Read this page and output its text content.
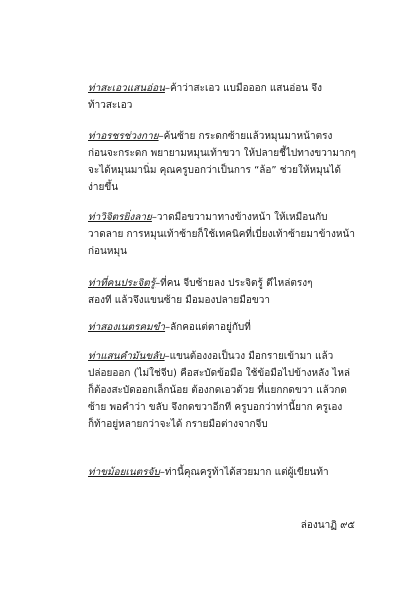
ท่าสะเอวแสนอ่อน–ค้าว่าสะเอว แบมือออก แสนอ่อน จึง
ท้าวสะเอว
ท่าอรชรช่วงกาย–ค้นซ้าย กระดกซ้ายแล้วหมุนมาหน้าตรง
ก่อนจะกระดก พยายามหมุนเท้าขวา ให้ปลายชี้ไปทางขวามากๆ
จะได้หมุนมานิ่ม คุณครูบอกว่าเป็นการ “ล้อ” ช่วยให้หมุนได้
ง่ายขึ้น
ท่าวิจิตรยิ่งลาย–วาดมือขวามาทางข้างหน้า ให้เหมือนกับ
วาดลาย การหมุนเท้าซ้ายก็ใช้เทคนิคที่เบี่ยงเท้าซ้ายมาข้างหน้า
ก่อนหมุน
ท่าที่คนประจิตรู้–ที่คน จีบซ้ายลง ประจิตรู้ ตีไหล่ตรงๆ
สองที แล้วจึงแขนซ้าย มือมองปลายมือขวา
ท่าสองเนตรคมขำ–ลักคอแต่ตาอยู่กับที่
ท่าแสนคำมันขลับ–แขนต้องงอเป็นวง มือกรายเข้ามา แล้ว
ปล่อยออก (ไม่ใช่จีบ) คือสะบัดข้อมือ ใช้ข้อมือไปข้างหลัง ไหล่
ก็ต้องสะบัดออกเล็กน้อย ต้องกดเอวด้วย ที่แยกกดขวา แล้วกด
ซ้าย พอคำว่า ขลับ จึงกดขวาอีกที ครูบอกว่าท่านี้ยาก ครูเอง
ก็ท้าอยู่หลายกว่าจะได้ กรายมือต่างจากจีบ
ท่าขม้อยเนตรจับ–ท่านี้คุณครูท้าได้สวยมาก แต่ผู้เขียนท้า
ล่องนาฏิ ๙๕
